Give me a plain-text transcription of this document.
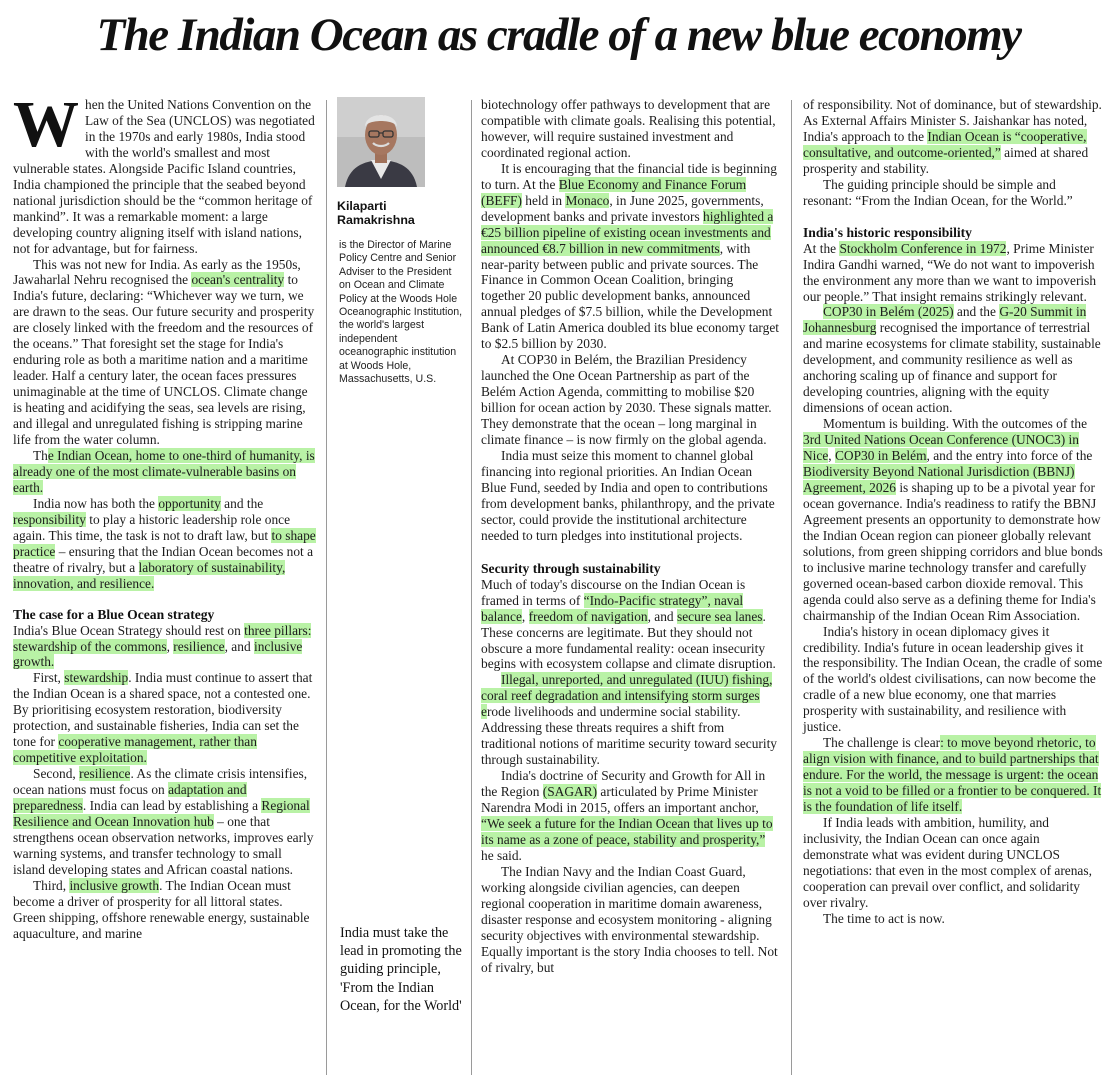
The Indian Ocean as cradle of a new blue economy

When the United Nations Convention on the Law of the Sea (UNCLOS) was negotiated in the 1970s and early 1980s, India stood with the world's smallest and most vulnerable states. Alongside Pacific Island countries, India championed the principle that the seabed beyond national jurisdiction should be the “common heritage of mankind”. It was a remarkable moment: a large developing country aligning itself with island nations, not for advantage, but for fairness.

This was not new for India. As early as the 1950s, Jawaharlal Nehru recognised the ocean's centrality to India's future, declaring: “Whichever way we turn, we are drawn to the seas. Our future security and prosperity are closely linked with the freedom and the resources of the oceans.” That foresight set the stage for India's enduring role as both a maritime nation and a maritime leader. Half a century later, the ocean faces pressures unimaginable at the time of UNCLOS. Climate change is heating and acidifying the seas, sea levels are rising, and illegal and unregulated fishing is stripping marine life from the water column.

The Indian Ocean, home to one-third of humanity, is already one of the most climate-vulnerable basins on earth.

India now has both the opportunity and the responsibility to play a historic leadership role once again. This time, the task is not to draft law, but to shape practice – ensuring that the Indian Ocean becomes not a theatre of rivalry, but a laboratory of sustainability, innovation, and resilience.

The case for a Blue Ocean strategy

India's Blue Ocean Strategy should rest on three pillars: stewardship of the commons, resilience, and inclusive growth.

First, stewardship. India must continue to assert that the Indian Ocean is a shared space, not a contested one. By prioritising ecosystem restoration, biodiversity protection, and sustainable fisheries, India can set the tone for cooperative management, rather than competitive exploitation.

Second, resilience. As the climate crisis intensifies, ocean nations must focus on adaptation and preparedness. India can lead by establishing a Regional Resilience and Ocean Innovation hub – one that strengthens ocean observation networks, improves early warning systems, and transfer technology to small island developing states and African coastal nations.

Third, inclusive growth. The Indian Ocean must become a driver of prosperity for all littoral states. Green shipping, offshore renewable energy, sustainable aquaculture, and marine

Kilaparti Ramakrishna
is the Director of Marine Policy Centre and Senior Adviser to the President on Ocean and Climate Policy at the Woods Hole Oceanographic Institution, the world's largest independent oceanographic institution at Woods Hole, Massachusetts, U.S.
India must take the lead in promoting the guiding principle, 'From the Indian Ocean, for the World'

biotechnology offer pathways to development that are compatible with climate goals. Realising this potential, however, will require sustained investment and coordinated regional action.

It is encouraging that the financial tide is beginning to turn. At the Blue Economy and Finance Forum (BEFF) held in Monaco, in June 2025, governments, development banks and private investors highlighted a €25 billion pipeline of existing ocean investments and announced €8.7 billion in new commitments, with near-parity between public and private sources. The Finance in Common Ocean Coalition, bringing together 20 public development banks, announced annual pledges of $7.5 billion, while the Development Bank of Latin America doubled its blue economy target to $2.5 billion by 2030.

At COP30 in Belém, the Brazilian Presidency launched the One Ocean Partnership as part of the Belém Action Agenda, committing to mobilise $20 billion for ocean action by 2030. These signals matter. They demonstrate that the ocean – long marginal in climate finance – is now firmly on the global agenda.

India must seize this moment to channel global financing into regional priorities. An Indian Ocean Blue Fund, seeded by India and open to contributions from development banks, philanthropy, and the private sector, could provide the institutional architecture needed to turn pledges into institutional projects.

Security through sustainability

Much of today's discourse on the Indian Ocean is framed in terms of “Indo-Pacific strategy”, naval balance, freedom of navigation, and secure sea lanes. These concerns are legitimate. But they should not obscure a more fundamental reality: ocean insecurity begins with ecosystem collapse and climate disruption.

Illegal, unreported, and unregulated (IUU) fishing, coral reef degradation and intensifying storm surges erode livelihoods and undermine social stability. Addressing these threats requires a shift from traditional notions of maritime security toward security through sustainability.

India's doctrine of Security and Growth for All in the Region (SAGAR) articulated by Prime Minister Narendra Modi in 2015, offers an important anchor, “We seek a future for the Indian Ocean that lives up to its name as a zone of peace, stability and prosperity,” he said.

The Indian Navy and the Indian Coast Guard, working alongside civilian agencies, can deepen regional cooperation in maritime domain awareness, disaster response and ecosystem monitoring - aligning security objectives with environmental stewardship. Equally important is the story India chooses to tell. Not of rivalry, but

of responsibility. Not of dominance, but of stewardship. As External Affairs Minister S. Jaishankar has noted, India's approach to the Indian Ocean is “cooperative, consultative, and outcome-oriented,” aimed at shared prosperity and stability.

The guiding principle should be simple and resonant: “From the Indian Ocean, for the World.”

India's historic responsibility

At the Stockholm Conference in 1972, Prime Minister Indira Gandhi warned, “We do not want to impoverish the environment any more than we want to impoverish our people.” That insight remains strikingly relevant.

COP30 in Belém (2025) and the G-20 Summit in Johannesburg recognised the importance of terrestrial and marine ecosystems for climate stability, sustainable development, and community resilience as well as anchoring scaling up of finance and support for developing countries, aligning with the equity dimensions of ocean action.

Momentum is building. With the outcomes of the 3rd United Nations Ocean Conference (UNOC3) in Nice, COP30 in Belém, and the entry into force of the Biodiversity Beyond National Jurisdiction (BBNJ) Agreement, 2026 is shaping up to be a pivotal year for ocean governance. India's readiness to ratify the BBNJ Agreement presents an opportunity to demonstrate how the Indian Ocean region can pioneer globally relevant solutions, from green shipping corridors and blue bonds to inclusive marine technology transfer and carefully governed ocean-based carbon dioxide removal. This agenda could also serve as a defining theme for India's chairmanship of the Indian Ocean Rim Association.

India's history in ocean diplomacy gives it credibility. India's future in ocean leadership gives it the responsibility. The Indian Ocean, the cradle of some of the world's oldest civilisations, can now become the cradle of a new blue economy, one that marries prosperity with sustainability, and resilience with justice.

The challenge is clear: to move beyond rhetoric, to align vision with finance, and to build partnerships that endure. For the world, the message is urgent: the ocean is not a void to be filled or a frontier to be conquered. It is the foundation of life itself.

If India leads with ambition, humility, and inclusivity, the Indian Ocean can once again demonstrate what was evident during UNCLOS negotiations: that even in the most complex of arenas, cooperation can prevail over conflict, and solidarity over rivalry.

The time to act is now.
